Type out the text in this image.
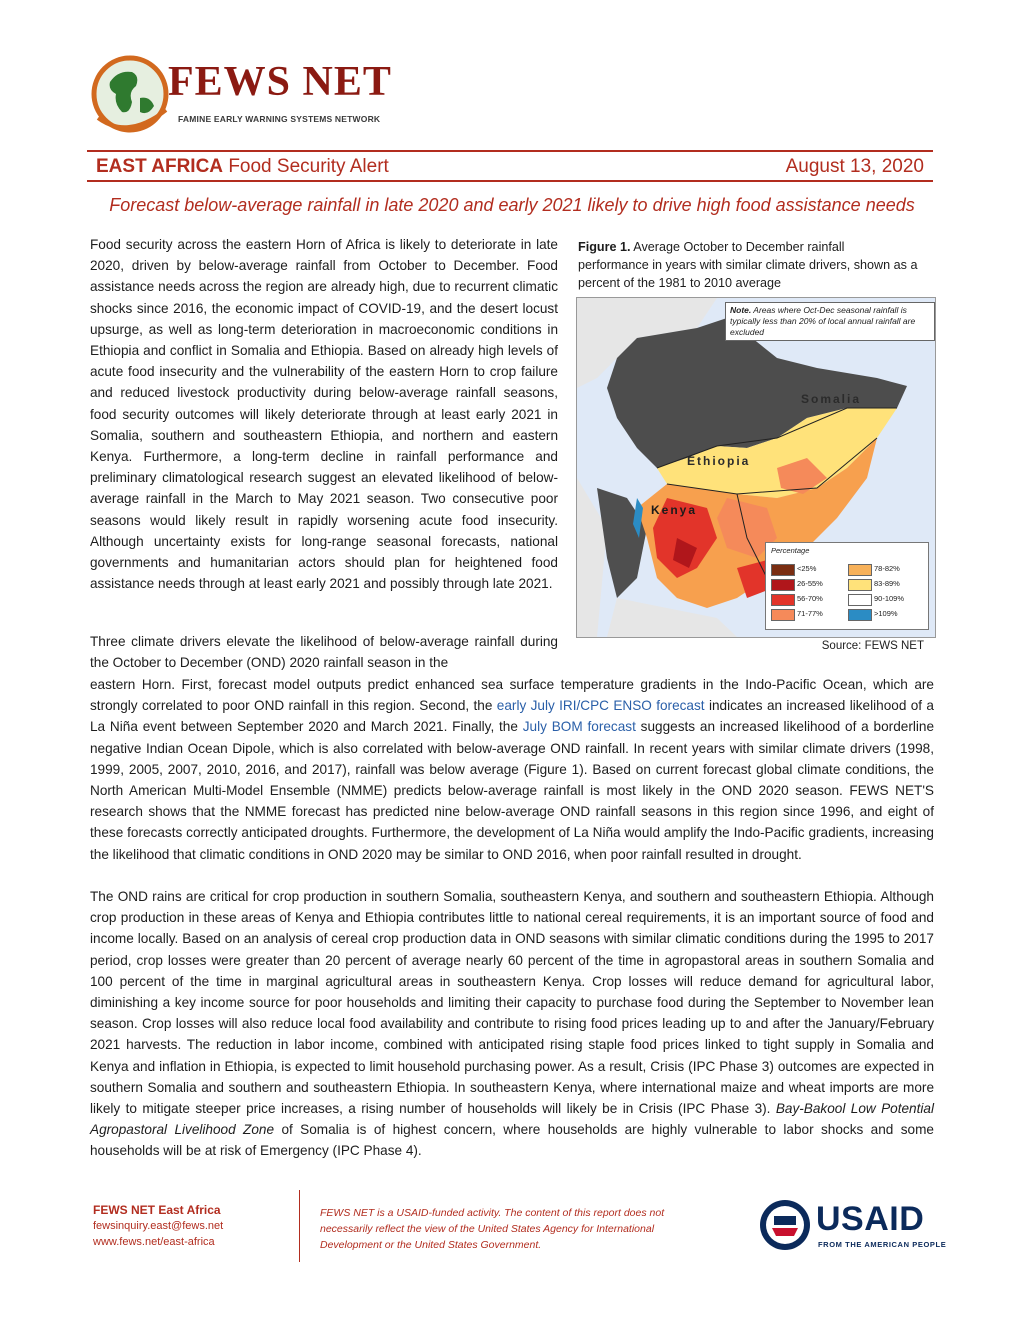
FEWS NET
FAMINE EARLY WARNING SYSTEMS NETWORK
EAST AFRICA Food Security Alert	August 13, 2020
Forecast below-average rainfall in late 2020 and early 2021 likely to drive high food assistance needs

Food security across the eastern Horn of Africa is likely to deteriorate in late 2020, driven by below-average rainfall from October to December. Food assistance needs across the region are already high, due to recurrent climatic shocks since 2016, the economic impact of COVID-19, and the desert locust upsurge, as well as long-term deterioration in macroeconomic conditions in Ethiopia and conflict in Somalia and Ethiopia. Based on already high levels of acute food insecurity and the vulnerability of the eastern Horn to crop failure and reduced livestock productivity during below-average rainfall seasons, food security outcomes will likely deteriorate through at least early 2021 in Somalia, southern and southeastern Ethiopia, and northern and eastern Kenya. Furthermore, a long-term decline in rainfall performance and preliminary climatological research suggest an elevated likelihood of below-average rainfall in the March to May 2021 season. Two consecutive poor seasons would likely result in rapidly worsening acute food insecurity. Although uncertainty exists for long-range seasonal forecasts, national governments and humanitarian actors should plan for heightened food assistance needs through at least early 2021 and possibly through late 2021.

Figure 1. Average October to December rainfall performance in years with similar climate drivers, shown as a percent of the 1981 to 2010 average
Note. Areas where Oct-Dec seasonal rainfall is typically less than 20% of local annual rainfall are excluded
Somalia
Ethiopia
Kenya
Percentage
<25%
26-55%
56-70%
71-77%
78-82%
83-89%
90-109%
>109%
Source: FEWS NET

Three climate drivers elevate the likelihood of below-average rainfall during the October to December (OND) 2020 rainfall season in the

eastern Horn. First, forecast model outputs predict enhanced sea surface temperature gradients in the Indo-Pacific Ocean, which are strongly correlated to poor OND rainfall in this region. Second, the early July IRI/CPC ENSO forecast indicates an increased likelihood of a La Niña event between September 2020 and March 2021. Finally, the July BOM forecast suggests an increased likelihood of a borderline negative Indian Ocean Dipole, which is also correlated with below-average OND rainfall. In recent years with similar climate drivers (1998, 1999, 2005, 2007, 2010, 2016, and 2017), rainfall was below average (Figure 1). Based on current forecast global climate conditions, the North American Multi-Model Ensemble (NMME) predicts below-average rainfall is most likely in the OND 2020 season. FEWS NET'S research shows that the NMME forecast has predicted nine below-average OND rainfall seasons in this region since 1996, and eight of these forecasts correctly anticipated droughts. Furthermore, the development of La Niña would amplify the Indo-Pacific gradients, increasing the likelihood that climatic conditions in OND 2020 may be similar to OND 2016, when poor rainfall resulted in drought.

The OND rains are critical for crop production in southern Somalia, southeastern Kenya, and southern and southeastern Ethiopia. Although crop production in these areas of Kenya and Ethiopia contributes little to national cereal requirements, it is an important source of food and income locally. Based on an analysis of cereal crop production data in OND seasons with similar climatic conditions during the 1995 to 2017 period, crop losses were greater than 20 percent of average nearly 60 percent of the time in agropastoral areas in southern Somalia and 100 percent of the time in marginal agricultural areas in southeastern Kenya. Crop losses will reduce demand for agricultural labor, diminishing a key income source for poor households and limiting their capacity to purchase food during the September to November lean season. Crop losses will also reduce local food availability and contribute to rising food prices leading up to and after the January/February 2021 harvests. The reduction in labor income, combined with anticipated rising staple food prices linked to tight supply in Somalia and Kenya and inflation in Ethiopia, is expected to limit household purchasing power. As a result, Crisis (IPC Phase 3) outcomes are expected in southern Somalia and southern and southeastern Ethiopia. In southeastern Kenya, where international maize and wheat imports are more likely to mitigate steeper price increases, a rising number of households will likely be in Crisis (IPC Phase 3). Bay-Bakool Low Potential Agropastoral Livelihood Zone of Somalia is of highest concern, where households are highly vulnerable to labor shocks and some households will be at risk of Emergency (IPC Phase 4).

FEWS NET East Africa
fewsinquiry.east@fews.net
www.fews.net/east-africa
FEWS NET is a USAID-funded activity. The content of this report does not necessarily reflect the view of the United States Agency for International Development or the United States Government.
USAID
FROM THE AMERICAN PEOPLE
